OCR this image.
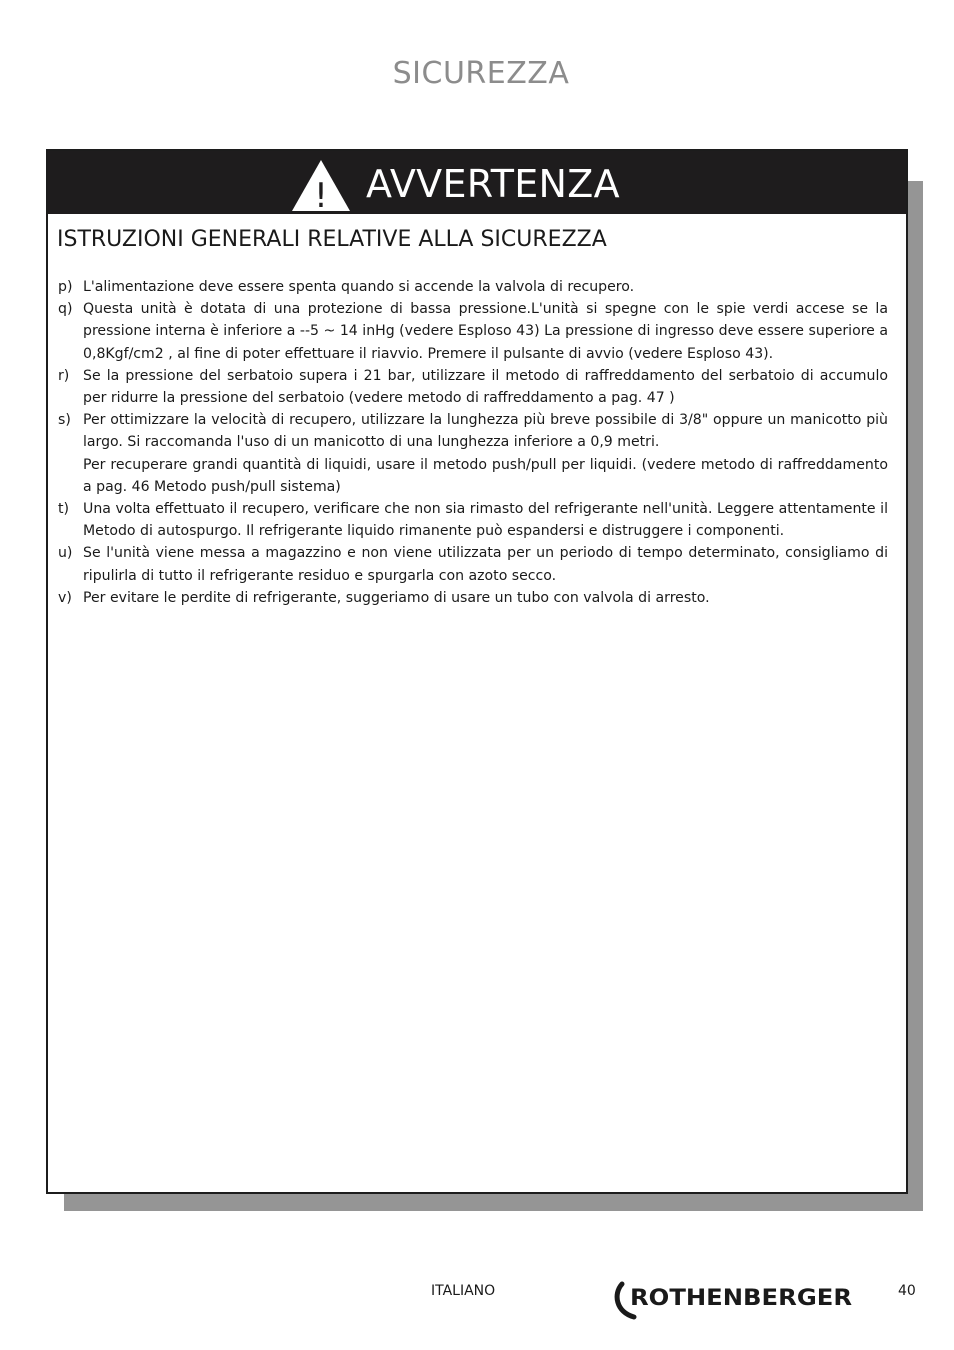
SICUREZZA
! AVVERTENZA
ISTRUZIONI GENERALI RELATIVE ALLA SICUREZZA
p) L'alimentazione deve essere spenta quando si accende la valvola di recupero.
q) Questa unità è dotata di una protezione di bassa pressione.L'unità si spegne con le spie verdi accese se la pressione interna è inferiore a --5 ~ 14 inHg (vedere Esploso 43) La pressione di ingresso deve essere superiore a 0,8Kgf/cm2 , al fine di poter effettuare il riavvio. Premere il pulsante di avvio (vedere Esploso 43).
r) Se la pressione del serbatoio supera i 21 bar, utilizzare il metodo di raffreddamento del serbatoio di accumulo per ridurre la pressione del serbatoio (vedere metodo di raffreddamento a pag. 47 )
s) Per ottimizzare la velocità di recupero, utilizzare la lunghezza più breve possibile di 3/8" oppure un manicotto più largo. Si raccomanda l'uso di un manicotto di una lunghezza inferiore a 0,9 metri.
Per recuperare grandi quantità di liquidi, usare il metodo push/pull per liquidi. (vedere metodo di raffreddamento a pag. 46 Metodo push/pull sistema)
t) Una volta effettuato il recupero, verificare che non sia rimasto del refrigerante nell'unità. Leggere attentamente il Metodo di autospurgo. Il refrigerante liquido rimanente può espandersi e distruggere i componenti.
u) Se l'unità viene messa a magazzino e non viene utilizzata per un periodo di tempo determinato, consigliamo di ripulirla di tutto il refrigerante residuo e spurgarla con azoto secco.
v) Per evitare le perdite di refrigerante, suggeriamo di usare un tubo con valvola di arresto.
ITALIANO	ROTHENBERGER	40
